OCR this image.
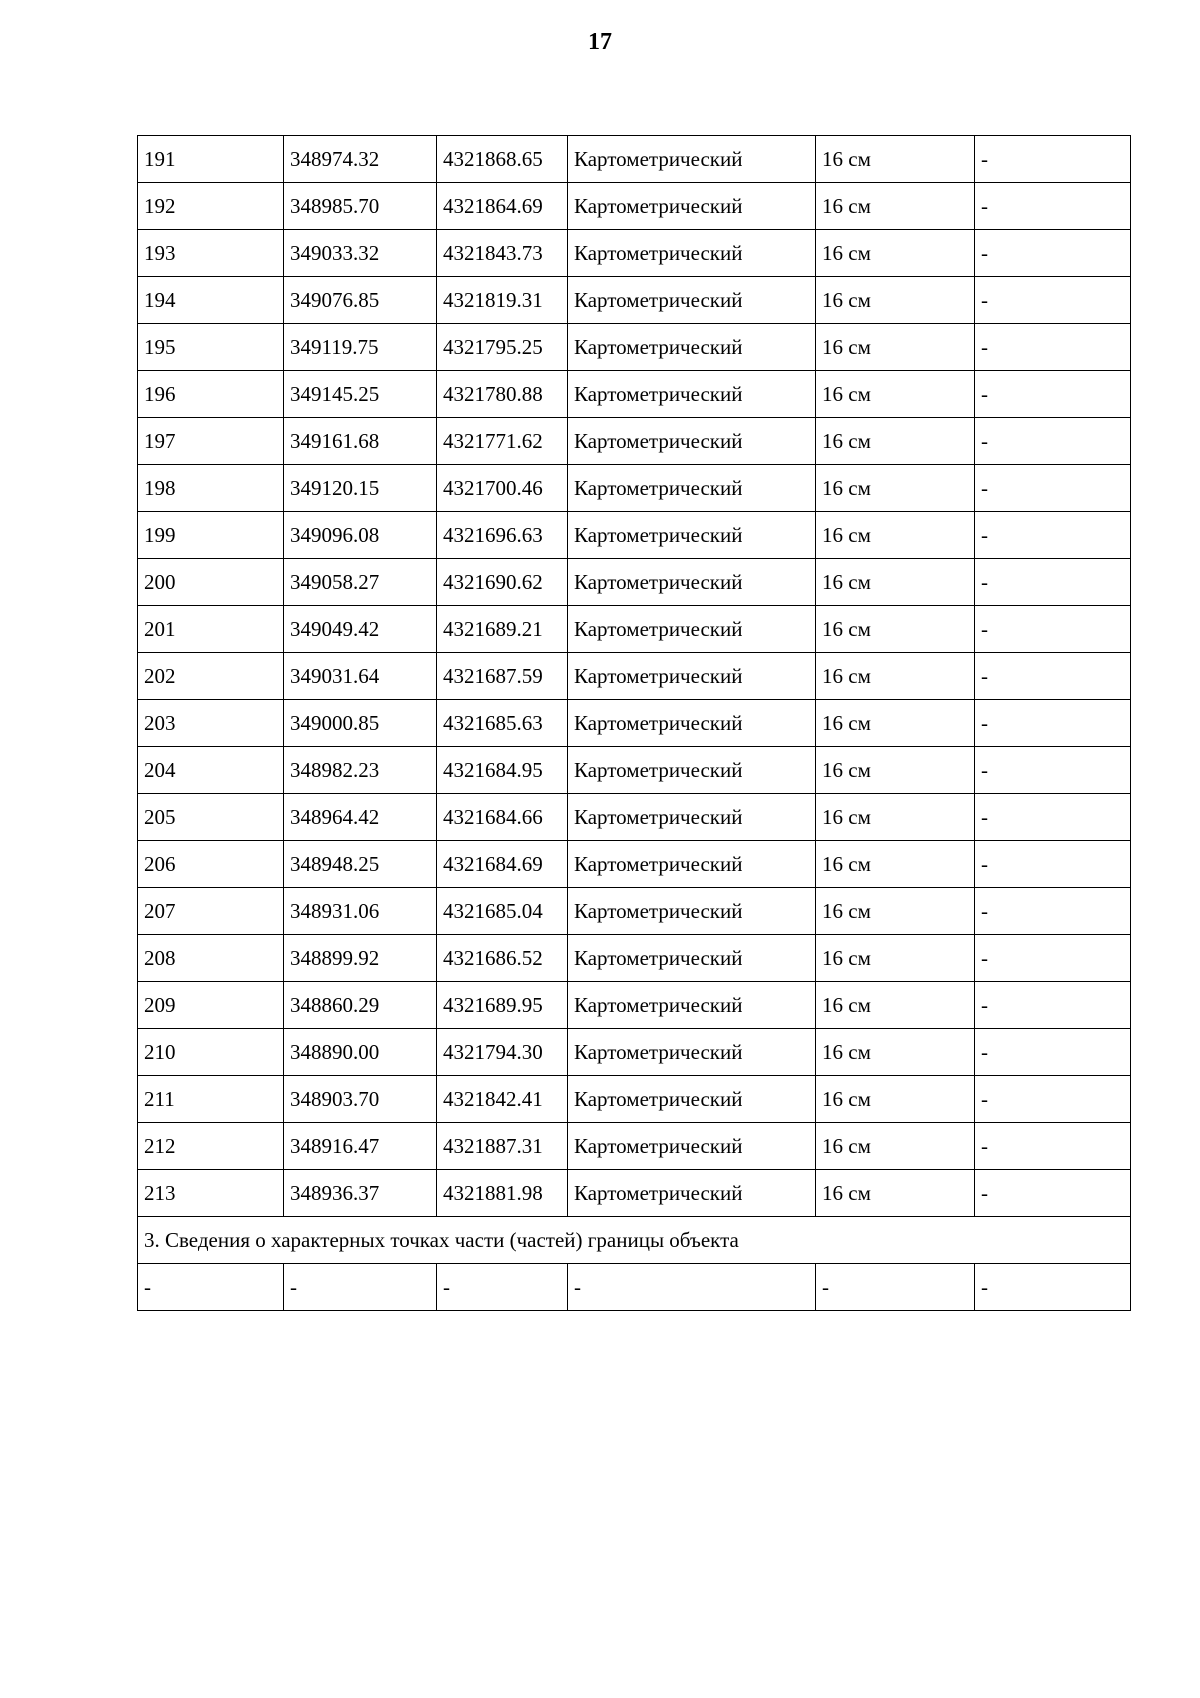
17
191	348974.32	4321868.65	Картометрический	16 см	-
192	348985.70	4321864.69	Картометрический	16 см	-
193	349033.32	4321843.73	Картометрический	16 см	-
194	349076.85	4321819.31	Картометрический	16 см	-
195	349119.75	4321795.25	Картометрический	16 см	-
196	349145.25	4321780.88	Картометрический	16 см	-
197	349161.68	4321771.62	Картометрический	16 см	-
198	349120.15	4321700.46	Картометрический	16 см	-
199	349096.08	4321696.63	Картометрический	16 см	-
200	349058.27	4321690.62	Картометрический	16 см	-
201	349049.42	4321689.21	Картометрический	16 см	-
202	349031.64	4321687.59	Картометрический	16 см	-
203	349000.85	4321685.63	Картометрический	16 см	-
204	348982.23	4321684.95	Картометрический	16 см	-
205	348964.42	4321684.66	Картометрический	16 см	-
206	348948.25	4321684.69	Картометрический	16 см	-
207	348931.06	4321685.04	Картометрический	16 см	-
208	348899.92	4321686.52	Картометрический	16 см	-
209	348860.29	4321689.95	Картометрический	16 см	-
210	348890.00	4321794.30	Картометрический	16 см	-
211	348903.70	4321842.41	Картометрический	16 см	-
212	348916.47	4321887.31	Картометрический	16 см	-
213	348936.37	4321881.98	Картометрический	16 см	-
3. Сведения о характерных точках части (частей) границы объекта					
-	-	-	-	-	-
